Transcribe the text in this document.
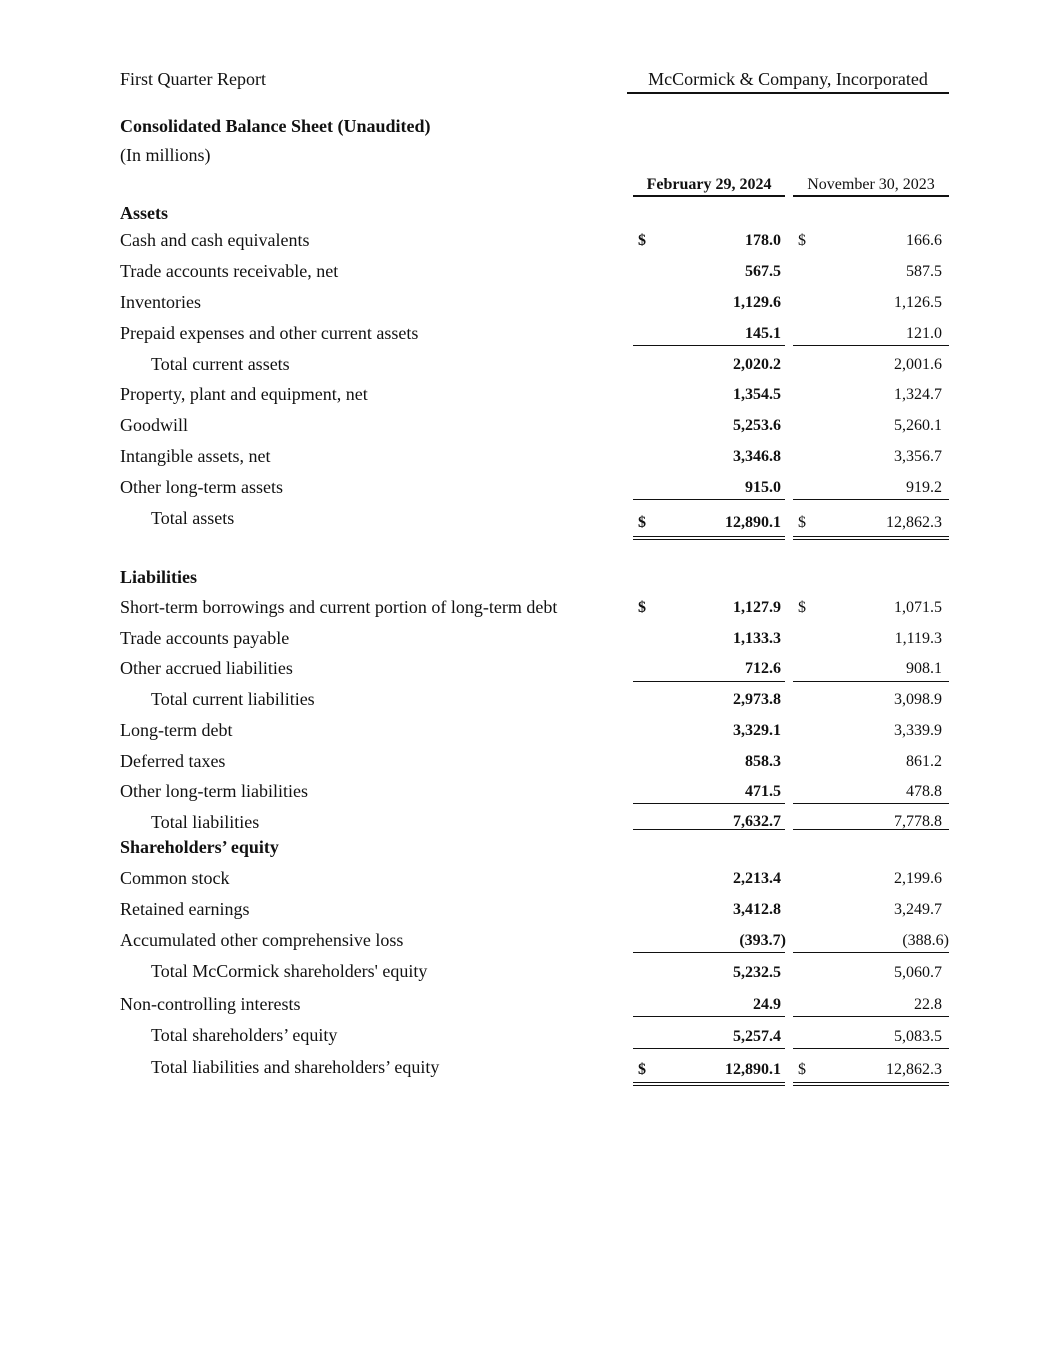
First Quarter Report	McCormick & Company, Incorporated
Consolidated Balance Sheet (Unaudited)
(In millions)
February 29, 2024	November 30, 2023
Assets
Cash and cash equivalents	$	178.0 $	166.6
Trade accounts receivable, net	567.5	587.5
Inventories	1,129.6	1,126.5
Prepaid expenses and other current assets	145.1	121.0
Total current assets	2,020.2	2,001.6
Property, plant and equipment, net	1,354.5	1,324.7
Goodwill	5,253.6	5,260.1
Intangible assets, net	3,346.8	3,356.7
Other long-term assets	915.0	919.2
Total assets	$	12,890.1 $	12,862.3
Liabilities
Short-term borrowings and current portion of long-term debt	$	1,127.9 $	1,071.5
Trade accounts payable	1,133.3	1,119.3
Other accrued liabilities	712.6	908.1
Total current liabilities	2,973.8	3,098.9
Long-term debt	3,329.1	3,339.9
Deferred taxes	858.3	861.2
Other long-term liabilities	471.5	478.8
Total liabilities	7,632.7	7,778.8
Shareholders’ equity
Common stock	2,213.4	2,199.6
Retained earnings	3,412.8	3,249.7
Accumulated other comprehensive loss	(393.7)	(388.6)
Total McCormick shareholders' equity	5,232.5	5,060.7
Non-controlling interests	24.9	22.8
Total shareholders’ equity	5,257.4	5,083.5
Total liabilities and shareholders’ equity	$	12,890.1 $	12,862.3
